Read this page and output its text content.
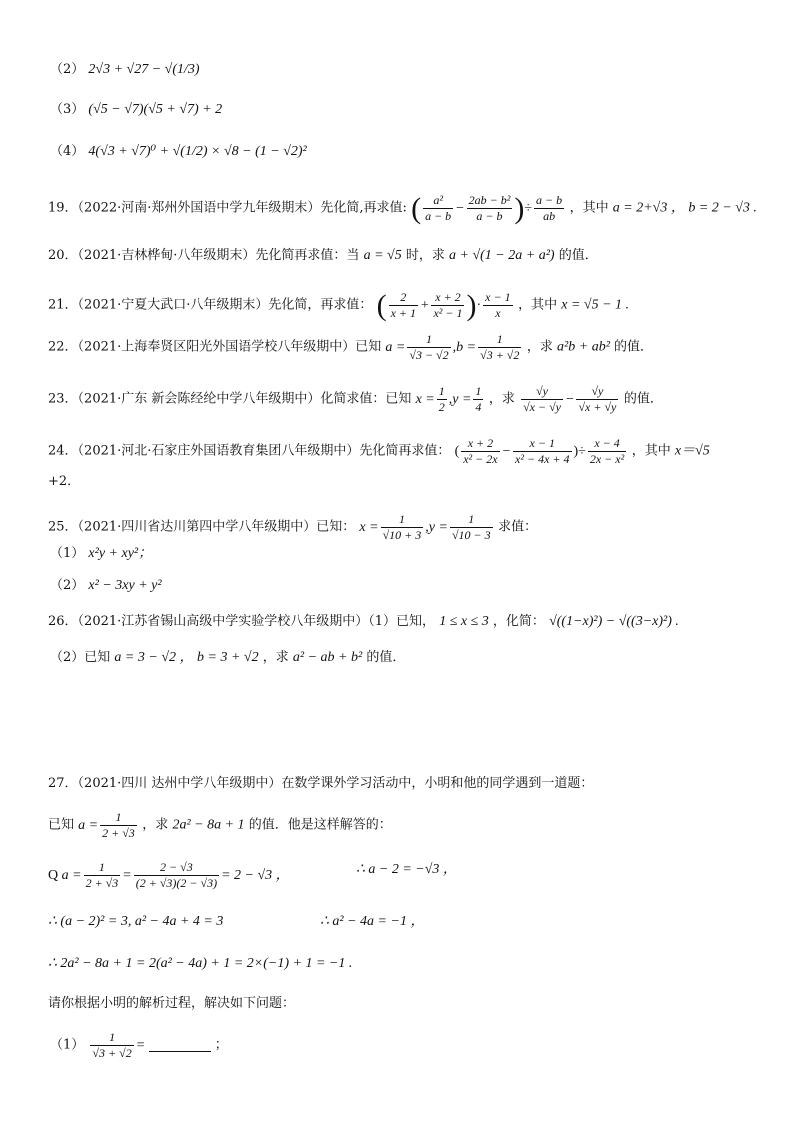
（2） 2√3 + √27 − √(1/3)
（3） (√5 − √7)(√5 + √7) + 2
（4） 4(√3 + √7)⁰ + √(1/2) × √8 − (1 − √2)²
19．（2022·河南·郑州外国语中学九年级期末）先化简,再求值: ( $\frac{\text{a²}}{a - b} - \frac{\text{2ab − b²}}{a - b}$ )÷ $\frac{a - b}{ab}$ ，其中 a = 2+√3 ， b = 2 − √3 .
20．（2021·吉林桦甸·八年级期末）先化简再求值：当 a = √5 时，求 a + √(1 − 2a + a²) 的值．
21．（2021·宁夏大武口·八年级期末）先化简，再求值： ( $\frac{2}{x + 1} + \frac{x + 2}{\text{x² − 1}}$ )· $\frac{x - 1}{x}$ ，其中 x = √5 − 1 .
22．（2021·上海奉贤区阳光外国语学校八年级期中）已知 $a = \frac{1}{√3 - √2} ,b = \frac{1}{√3 + √2}$ ，求 a²b + ab² 的值．
23．（2021·广东 新会陈经纶中学八年级期中）化简求值：已知 $x = \frac{1}{2} ,y = \frac{1}{4}$ ，求 $\frac{√y}{√x - √y} - \frac{√y}{√x + √y}$ 的值．
24．（2021·河北·石家庄外国语教育集团八年级期中）先化简再求值： ( $\frac{x + 2}{\text{x² − 2x}} - \frac{x - 1}{\text{x² − 4x + 4}}$ )÷ $\frac{x - 4}{\text{2x − x²}}$ ，其中 x＝√5
+2．
25．（2021·四川省达川第四中学八年级期中）已知： $x = \frac{1}{√10 + 3} ,y = \frac{1}{√10 - 3}$ 求值：
（1） x²y + xy²；
（2） x² − 3xy + y²
26．（2021·江苏省锡山高级中学实验学校八年级期中）（1）已知， 1 ≤ x ≤ 3 ，化简： √((1−x)²) − √((3−x)²) .
（2）已知 a = 3 − √2 ， b = 3 + √2 ，求 a² − ab + b² 的值．
27．（2021·四川 达州中学八年级期中）在数学课外学习活动中，小明和他的同学遇到一道题：
已知 $a = \frac{1}{2 + √3}$ ，求 2a² − 8a + 1 的值．他是这样解答的：
Q $a = \frac{1}{2 + √3} = \frac{2 - √3}{(2 + √3)(2 - √3)} = 2 - √3$ ，	∴ a − 2 = −√3 ，
∴ (a − 2)² = 3, a² − 4a + 4 = 3	∴ a² − 4a = −1 ，
∴ 2a² − 8a + 1 = 2(a² − 4a) + 1 = 2×(−1) + 1 = −1 .
请你根据小明的解析过程，解决如下问题：
$(1) \frac{1}{√3 + √2}$ =	；
